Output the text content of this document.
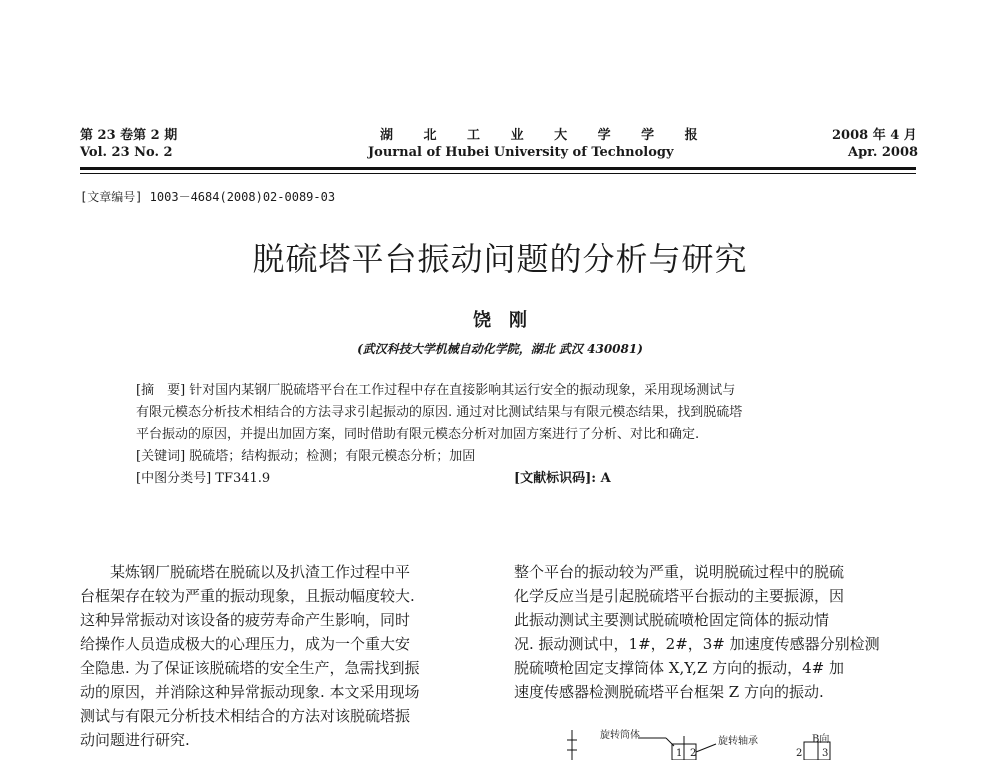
第 23 卷第 2 期
Vol. 23 No. 2
湖 北 工 业 大 学 学 报
Journal of Hubei University of Technology
2008 年 4 月
Apr. 2008
[文章编号] 1003－4684(2008)02-0089-03
脱硫塔平台振动问题的分析与研究
饶　刚
(武汉科技大学机械自动化学院，湖北 武汉 430081)
[摘　要] 针对国内某钢厂脱硫塔平台在工作过程中存在直接影响其运行安全的振动现象，采用现场测试与
有限元模态分析技术相结合的方法寻求引起振动的原因. 通过对比测试结果与有限元模态结果，找到脱硫塔
平台振动的原因，并提出加固方案，同时借助有限元模态分析对加固方案进行了分析、对比和确定.
[关键词] 脱硫塔；结构振动；检测；有限元模态分析；加固
[中图分类号] TF341.9	[文献标识码]: A
　　某炼钢厂脱硫塔在脱硫以及扒渣工作过程中平
台框架存在较为严重的振动现象，且振动幅度较大.
这种异常振动对该设备的疲劳寿命产生影响，同时
给操作人员造成极大的心理压力，成为一个重大安
全隐患. 为了保证该脱硫塔的安全生产，急需找到振
动的原因，并消除这种异常振动现象. 本文采用现场
测试与有限元分析技术相结合的方法对该脱硫塔振
动问题进行研究.
整个平台的振动较为严重，说明脱硫过程中的脱硫
化学反应当是引起脱硫塔平台振动的主要振源，因
此振动测试主要测试脱硫喷枪固定筒体的振动情
况. 振动测试中，1#，2#，3# 加速度传感器分别检测
脱硫喷枪固定支撑筒体 X,Y,Z 方向的振动，4# 加
速度传感器检测脱硫塔平台框架 Z 方向的振动.
旋转筒体
旋转轴承	B向
1 2	2 3
